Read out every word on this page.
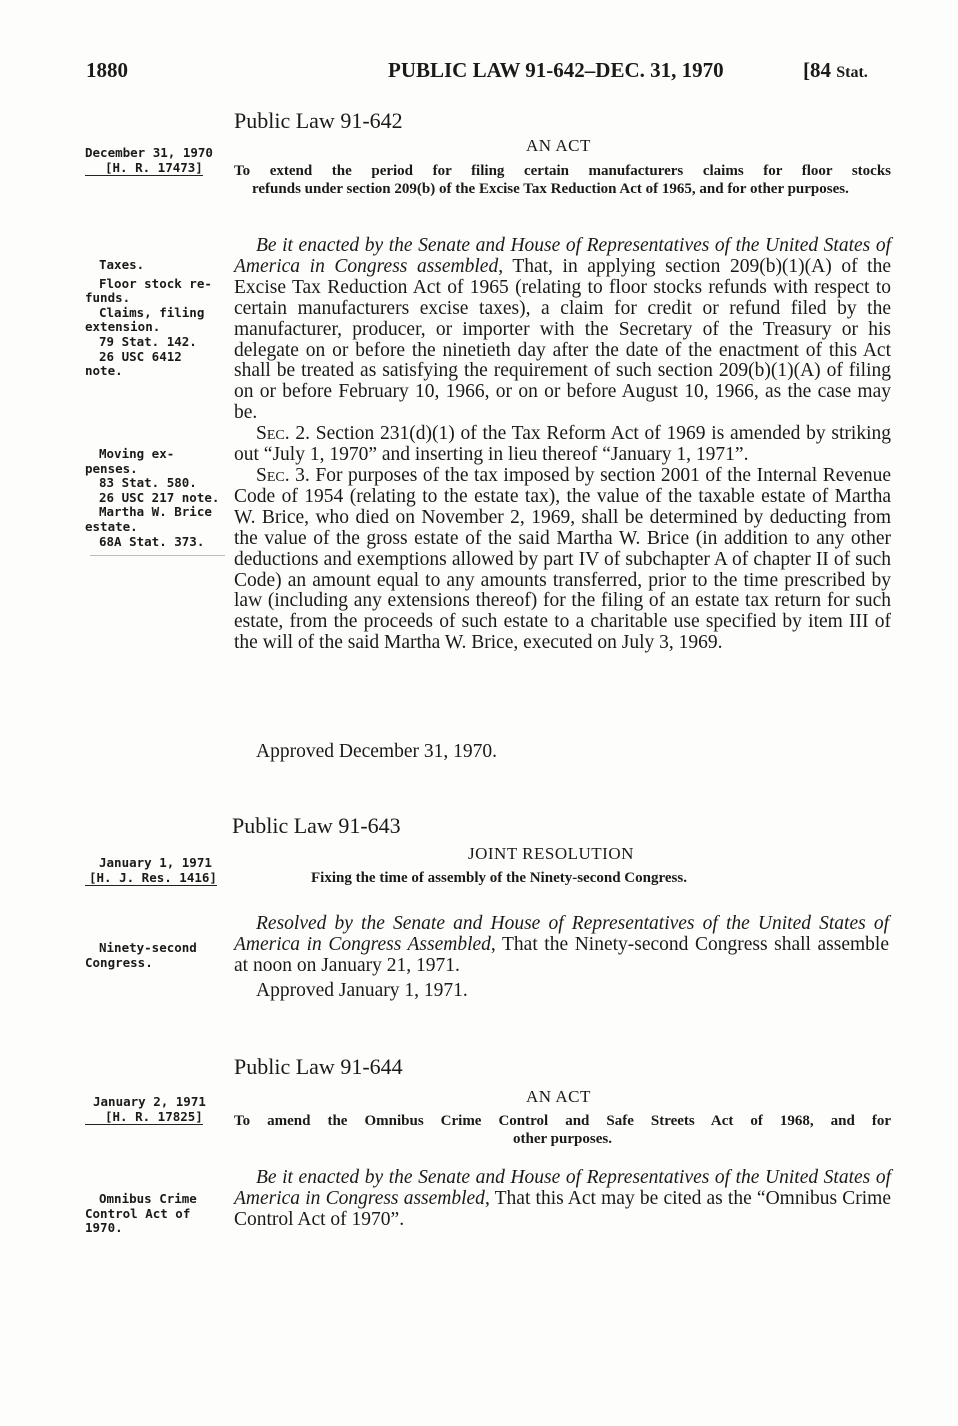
1880	PUBLIC LAW 91-642–DEC. 31, 1970	[84 Stat.
Public Law 91-642
AN ACT
December 31, 1970
[H. R. 17473]	To extend the period for filing certain manufacturers claims for floor stocks
refunds under section 209(b) of the Excise Tax Reduction Act of 1965, and for other purposes.

Be it enacted by the Senate and House of Representatives of the United States of America in Congress assembled, That, in applying section 209(b)(1)(A) of the Excise Tax Reduction Act of 1965 (relating to floor stocks refunds with respect to certain manufacturers excise taxes), a claim for credit or refund filed by the manufacturer, producer, or importer with the Secretary of the Treasury or his delegate on or before the ninetieth day after the date of the enactment of this Act shall be treated as satisfying the requirement of such section 209(b)(1)(A) of filing on or before February 10, 1966, or on or before August 10, 1966, as the case may be.

Sec. 2. Section 231(d)(1) of the Tax Reform Act of 1969 is amended by striking out “July 1, 1970” and inserting in lieu thereof “January 1, 1971”.

Sec. 3. For purposes of the tax imposed by section 2001 of the Internal Revenue Code of 1954 (relating to the estate tax), the value of the taxable estate of Martha W. Brice, who died on November 2, 1969, shall be determined by deducting from the value of the gross estate of the said Martha W. Brice (in addition to any other deductions and exemptions allowed by part IV of subchapter A of chapter II of such Code) an amount equal to any amounts transferred, prior to the time prescribed by law (including any extensions thereof) for the filing of an estate tax return for such estate, from the proceeds of such estate to a charitable use specified by item III of the will of the said Martha W. Brice, executed on July 3, 1969.

Taxes.
Floor stock re-
funds.
Claims, filing
extension.
79 Stat. 142.
26 USC 6412
note.
Moving ex-
penses.
83 Stat. 580.
26 USC 217 note.
Martha W. Brice
estate.
68A Stat. 373.
Approved December 31, 1970.
Public Law 91-643
JOINT RESOLUTION
January 1, 1971
[H. J. Res. 1416]	Fixing the time of assembly of the Ninety-second Congress.

Resolved by the Senate and House of Representatives of the United States of America in Congress Assembled, That the Ninety-second Congress shall assemble at noon on January 21, 1971.

Ninety-second
Congress.
Approved January 1, 1971.
Public Law 91-644
AN ACT
January 2, 1971
[H. R. 17825]	To amend the Omnibus Crime Control and Safe Streets Act of 1968, and for
other purposes.

Be it enacted by the Senate and House of Representatives of the United States of America in Congress assembled, That this Act may be cited as the “Omnibus Crime Control Act of 1970”.

Omnibus Crime
Control Act of 1970.
